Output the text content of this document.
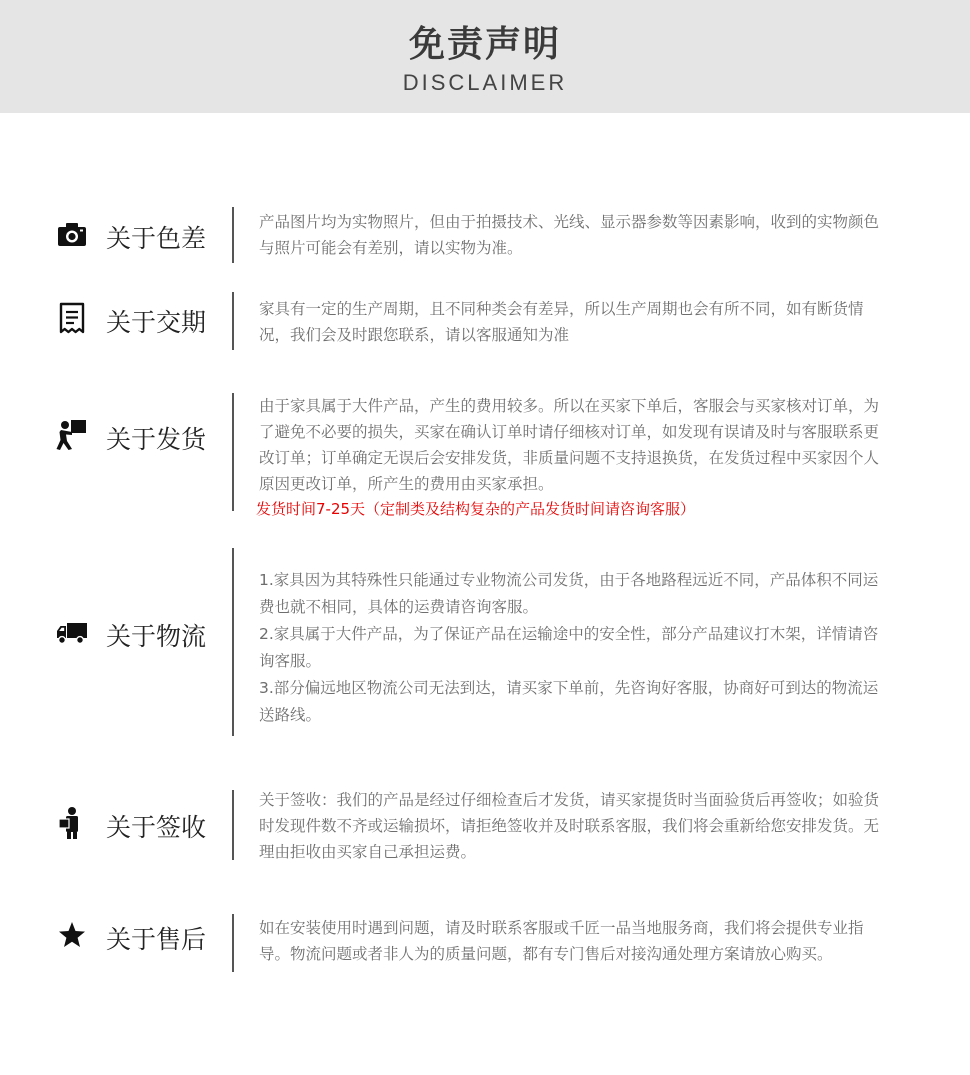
免责声明
DISCLAIMER
关于色差

产品图片均为实物照片，但由于拍摄技术、光线、显示器参数等因素影响，收到的实物颜色与照片可能会有差别，请以实物为准。

关于交期	家具有一定的生产周期，且不同种类会有差异，所以生产周期也会有所不同，如有断货情况，我们会及时跟您联系，请以客服通知为准

关于发货

由于家具属于大件产品，产生的费用较多。所以在买家下单后，客服会与买家核对订单，为了避免不必要的损失，买家在确认订单时请仔细核对订单，如发现有误请及时与客服联系更改订单；订单确定无误后会安排发货，非质量问题不支持退换货，在发货过程中买家因个人原因更改订单，所产生的费用由买家承担。

发货时间7-25天（定制类及结构复杂的产品发货时间请咨询客服）

关于物流

1.家具因为其特殊性只能通过专业物流公司发货，由于各地路程远近不同，产品体积不同运费也就不相同，具体的运费请咨询客服。

2.家具属于大件产品，为了保证产品在运输途中的安全性，部分产品建议打木架，详情请咨询客服。

3.部分偏远地区物流公司无法到达，请买家下单前，先咨询好客服，协商好可到达的物流运送路线。

关于签收

关于签收：我们的产品是经过仔细检查后才发货，请买家提货时当面验货后再签收；如验货时发现件数不齐或运输损坏，请拒绝签收并及时联系客服，我们将会重新给您安排发货。无理由拒收由买家自己承担运费。

关于售后	如在安装使用时遇到问题，请及时联系客服或千匠一品当地服务商，我们将会提供专业指导。物流问题或者非人为的质量问题，都有专门售后对接沟通处理方案请放心购买。
